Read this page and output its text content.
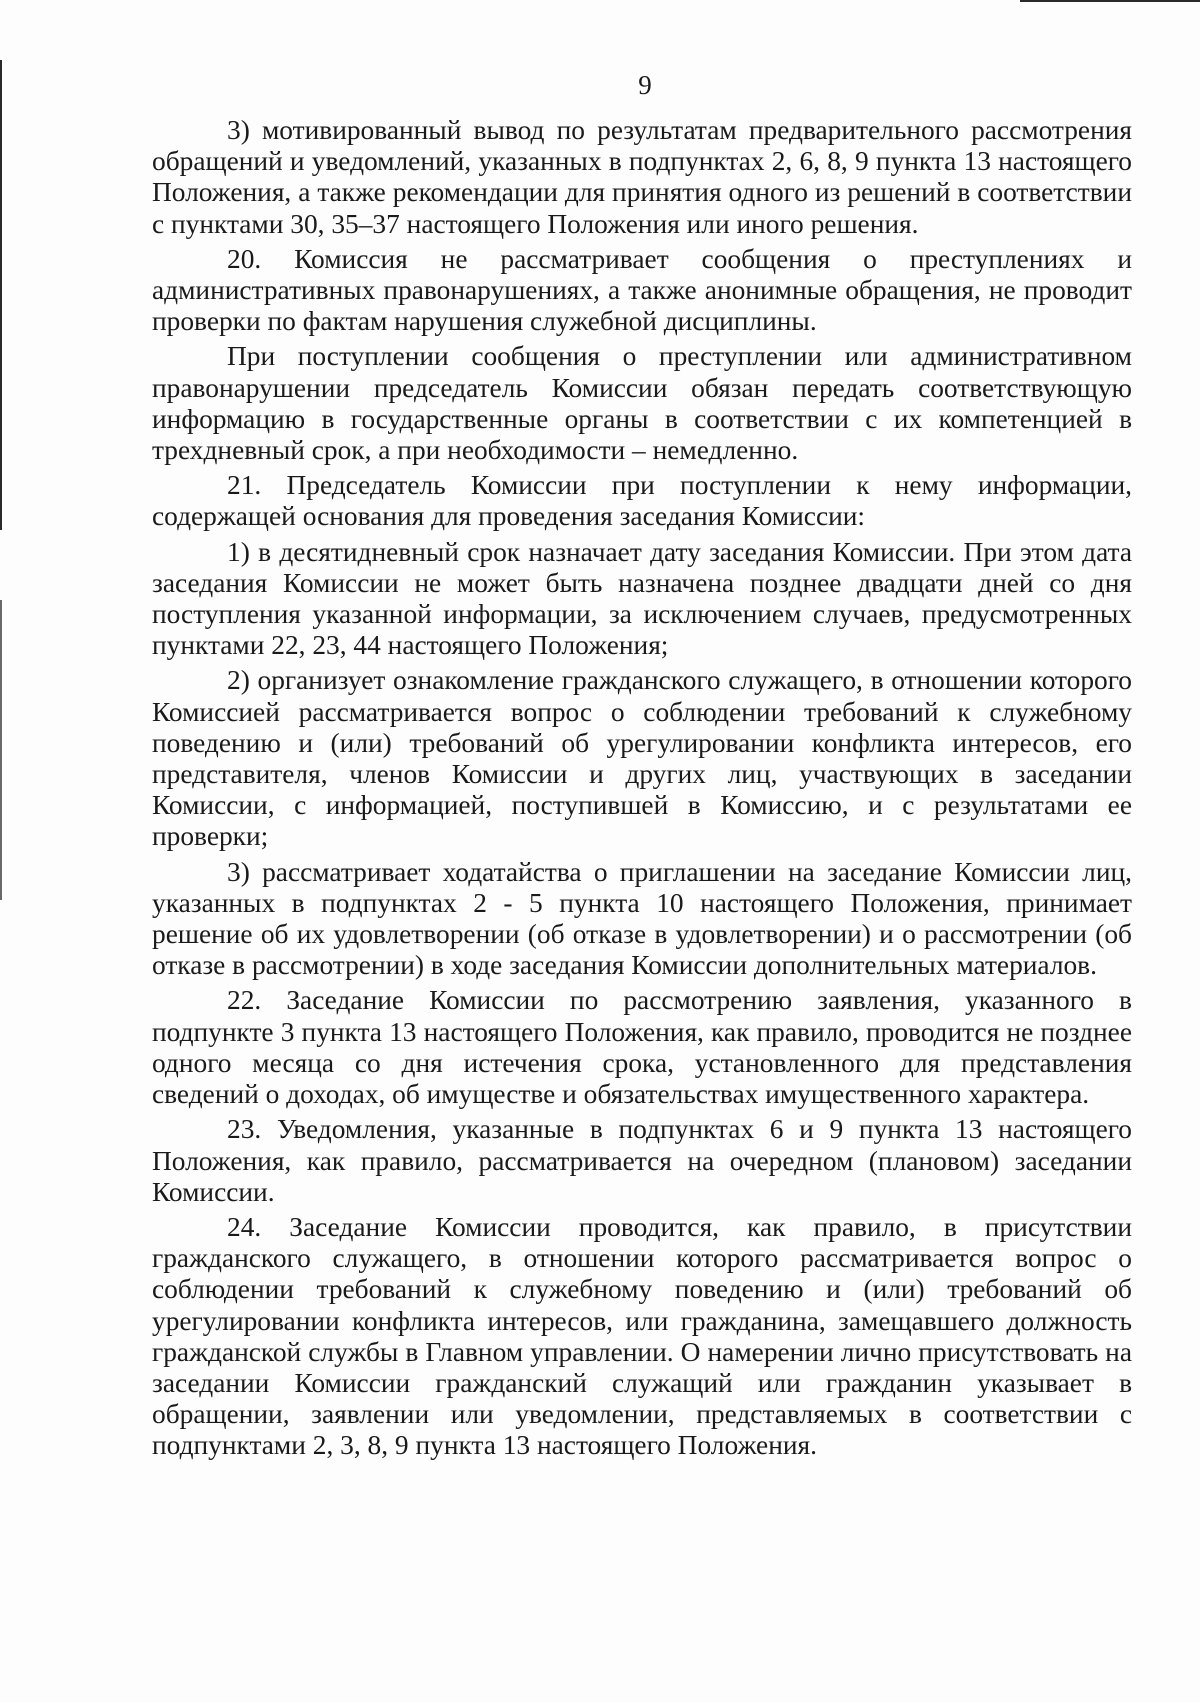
9

3) мотивированный вывод по результатам предварительного рассмотрения обращений и уведомлений, указанных в подпунктах 2, 6, 8, 9 пункта 13 настоящего Положения, а также рекомендации для принятия одного из решений в соответствии с пунктами 30, 35–37 настоящего Положения или иного решения.

20. Комиссия не рассматривает сообщения о преступлениях и административных правонарушениях, а также анонимные обращения, не проводит проверки по фактам нарушения служебной дисциплины.

При поступлении сообщения о преступлении или административном правонарушении председатель Комиссии обязан передать соответствующую информацию в государственные органы в соответствии с их компетенцией в трехдневный срок, а при необходимости – немедленно.

21. Председатель Комиссии при поступлении к нему информации, содержащей основания для проведения заседания Комиссии:

1) в десятидневный срок назначает дату заседания Комиссии. При этом дата заседания Комиссии не может быть назначена позднее двадцати дней со дня поступления указанной информации, за исключением случаев, предусмотренных пунктами 22, 23, 44 настоящего Положения;

2) организует ознакомление гражданского служащего, в отношении которого Комиссией рассматривается вопрос о соблюдении требований к служебному поведению и (или) требований об урегулировании конфликта интересов, его представителя, членов Комиссии и других лиц, участвующих в заседании Комиссии, с информацией, поступившей в Комиссию, и с результатами ее проверки;

3) рассматривает ходатайства о приглашении на заседание Комиссии лиц, указанных в подпунктах 2 - 5 пункта 10 настоящего Положения, принимает решение об их удовлетворении (об отказе в удовлетворении) и о рассмотрении (об отказе в рассмотрении) в ходе заседания Комиссии дополнительных материалов.

22. Заседание Комиссии по рассмотрению заявления, указанного в подпункте 3 пункта 13 настоящего Положения, как правило, проводится не позднее одного месяца со дня истечения срока, установленного для представления сведений о доходах, об имуществе и обязательствах имущественного характера.

23. Уведомления, указанные в подпунктах 6 и 9 пункта 13 настоящего Положения, как правило, рассматривается на очередном (плановом) заседании Комиссии.

24. Заседание Комиссии проводится, как правило, в присутствии гражданского служащего, в отношении которого рассматривается вопрос о соблюдении требований к служебному поведению и (или) требований об урегулировании конфликта интересов, или гражданина, замещавшего должность гражданской службы в Главном управлении. О намерении лично присутствовать на заседании Комиссии гражданский служащий или гражданин указывает в обращении, заявлении или уведомлении, представляемых в соответствии с подпунктами 2, 3, 8, 9 пункта 13 настоящего Положения.
